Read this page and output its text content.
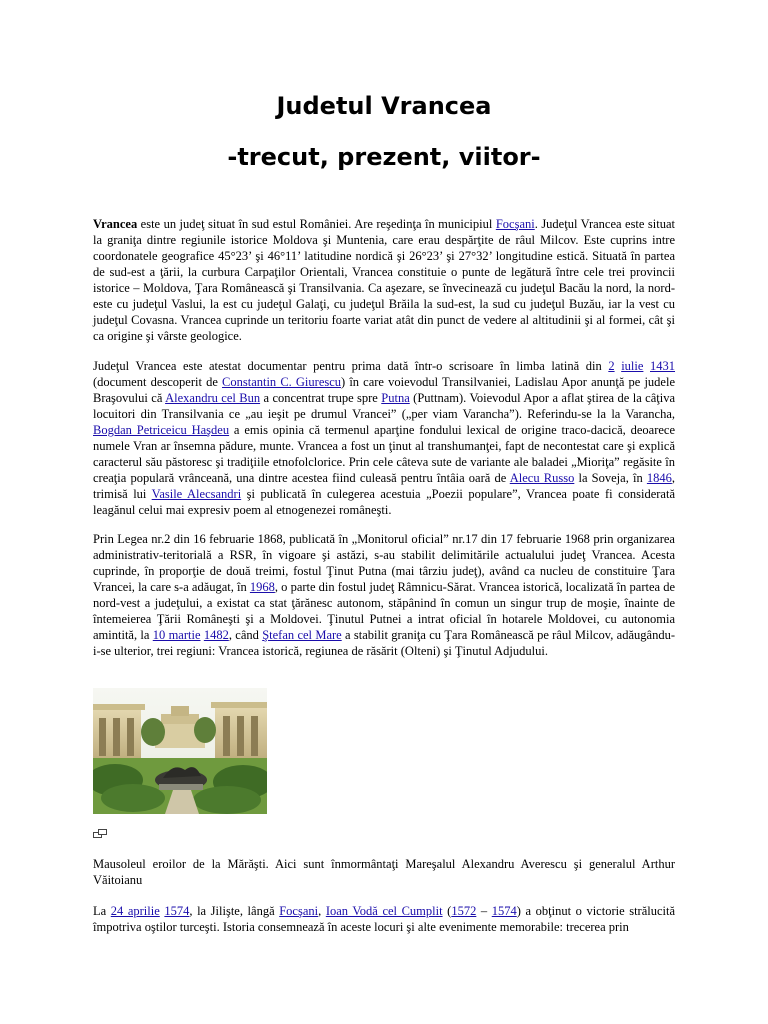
Judetul Vrancea
-trecut, prezent, viitor-

Vrancea este un judeţ situat în sud estul României. Are reşedinţa în municipiul Focşani. Judeţul Vrancea este situat la graniţa dintre regiunile istorice Moldova şi Muntenia, care erau despărţite de râul Milcov. Este cuprins intre coordonatele geografice 45°23’ şi 46°11’ latitudine nordică şi 26°23’ şi 27°32’ longitudine estică. Situată în partea de sud-est a ţării, la curbura Carpaţilor Orientali, Vrancea constituie o punte de legătură între cele trei provincii istorice – Moldova, Ţara Românească şi Transilvania. Ca aşezare, se învecinează cu judeţul Bacău la nord, la nord-este cu judeţul Vaslui, la est cu judeţul Galaţi, cu judeţul Brăila la sud-est, la sud cu judeţul Buzău, iar la vest cu judeţul Covasna. Vrancea cuprinde un teritoriu foarte variat atât din punct de vedere al altitudinii şi al formei, cât şi ca origine şi vârste geologice.

Judeţul Vrancea este atestat documentar pentru prima dată într-o scrisoare în limba latină din 2 iulie 1431 (document descoperit de Constantin C. Giurescu) în care voievodul Transilvaniei, Ladislau Apor anunţă pe judele Braşovului că Alexandru cel Bun a concentrat trupe spre Putna (Puttnam). Voievodul Apor a aflat ştirea de la câţiva locuitori din Transilvania ce „au ieşit pe drumul Vrancei” („per viam Varancha”). Referindu-se la la Varancha, Bogdan Petriceicu Haşdeu a emis opinia că termenul aparţine fondului lexical de origine traco-dacică, deoarece numele Vran ar însemna pădure, munte. Vrancea a fost un ţinut al transhumanţei, fapt de necontestat care şi explică caracterul său păstoresc şi tradiţiile etnofolclorice. Prin cele câteva sute de variante ale baladei „Mioriţa” regăsite în creaţia populară vrânceană, una dintre acestea fiind culeasă pentru întâia oară de Alecu Russo la Soveja, în 1846, trimisă lui Vasile Alecsandri şi publicată în culegerea acestuia „Poezii populare”, Vrancea poate fi considerată leagănul celui mai expresiv poem al etnogenezei româneşti.

Prin Legea nr.2 din 16 februarie 1868, publicată în „Monitorul oficial” nr.17 din 17 februarie 1968 prin organizarea administrativ-teritorială a RSR, în vigoare şi astăzi, s-au stabilit delimitările actualului judeţ Vrancea. Acesta cuprinde, în proporţie de două treimi, fostul Ţinut Putna (mai târziu judeţ), având ca nucleu de constituire Ţara Vrancei, la care s-a adăugat, în 1968, o parte din fostul judeţ Râmnicu-Sărat. Vrancea istorică, localizată în partea de nord-vest a judeţului, a existat ca stat ţărănesc autonom, stăpânind în comun un singur trup de moşie, înainte de întemeierea Ţării Româneşti şi a Moldovei. Ţinutul Putnei a intrat oficial în hotarele Moldovei, cu autonomia amintită, la 10 martie 1482, când Ştefan cel Mare a stabilit graniţa cu Ţara Românească pe râul Milcov, adăugându-i-se ulterior, trei regiuni: Vrancea istorică, regiunea de răsărit (Olteni) şi Ţinutul Adjudului.

Mausoleul eroilor de la Mărăşti. Aici sunt înmormântaţi Mareşalul Alexandru Averescu şi generalul Arthur Văitoianu

La 24 aprilie 1574, la Jilişte, lângă Focşani, Ioan Vodă cel Cumplit (1572 – 1574) a obţinut o victorie strălucită împotriva oştilor turceşti. Istoria consemnează în aceste locuri şi alte evenimente memorabile: trecerea prin
